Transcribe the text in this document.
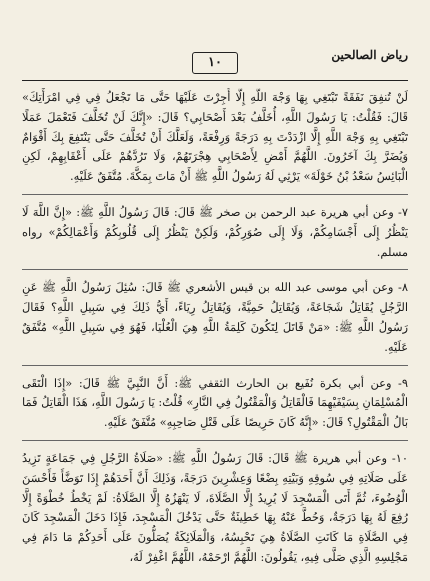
رياض الصالحين
١٠

لَنْ تُنفِقَ نَفَقَةً تَبْتَغِي بِهَا وَجْهَ اللَّهِ إِلَّا أُجِرْتَ عَلَيْهَا حَتَّى مَا تَجْعَلُ فِي فِي امْرَأَتِكَ» قَالَ: فَقُلْتُ: يَا رَسُولَ اللَّهِ، أُخَلَّفُ بَعْدَ أَصْحَابِي؟ قَالَ: «إِنَّكَ لَنْ تُخَلَّفَ فَتَعْمَلَ عَمَلًا تَبْتَغِي بِهِ وَجْهَ اللَّهِ إِلَّا ازْدَدْتَ بِهِ دَرَجَةً وَرِفْعَةً، وَلَعَلَّكَ أَنْ تُخَلَّفَ حَتَّى يَنْتَفِعَ بِكَ أَقْوَامٌ وَيُضَرَّ بِكَ آخَرُونَ. اللَّهُمَّ أَمْضِ لِأَصْحَابِي هِجْرَتَهُمْ، وَلَا تَرُدَّهُمْ عَلَى أَعْقَابِهِمْ، لَكِنِ الْبَائِسُ سَعْدُ بْنُ خَوْلَةَ» يَرْثِي لَهُ رَسُولُ اللَّهِ ﷺ أَنْ مَاتَ بِمَكَّةَ. مُتَّفَقٌ عَلَيْهِ.

٧- وعن أبي هريرة عبد الرحمن بن صخر ﷺ قَالَ: قَالَ رَسُولُ اللَّهِ ﷺ: «إِنَّ اللَّهَ لَا يَنْظُرُ إِلَى أَجْسَامِكُمْ، وَلَا إِلَى صُوَرِكُمْ، وَلَكِنْ يَنْظُرُ إِلَى قُلُوبِكُمْ وَأَعْمَالِكُمْ» رواه مسلم.

٨- وعن أبي موسى عبد الله بن قيس الأشعري ﷺ قَالَ: سُئِلَ رَسُولُ اللَّهِ ﷺ عَنِ الرَّجُلِ يُقَاتِلُ شَجَاعَةً، وَيُقَاتِلُ حَمِيَّةً، وَيُقَاتِلُ رِيَاءً، أَيُّ ذَلِكَ فِي سَبِيلِ اللَّهِ؟ فَقَالَ رَسُولُ اللَّهِ ﷺ: «مَنْ قَاتَلَ لِتَكُونَ كَلِمَةُ اللَّهِ هِيَ الْعُلْيَا، فَهُوَ فِي سَبِيلِ اللَّهِ» مُتَّفَقٌ عَلَيْهِ.

٩- وعن أبي بكرة نُفَيع بن الحارث الثقفي ﷺ: أَنَّ النَّبِيَّ ﷺ قَالَ: «إِذَا الْتَقَى الْمُسْلِمَانِ بِسَيْفَيْهِمَا فَالْقَاتِلُ وَالْمَقْتُولُ فِي النَّارِ» قُلْتُ: يَا رَسُولَ اللَّهِ، هَذَا الْقَاتِلُ فَمَا بَالُ الْمَقْتُولِ؟ قَالَ: «إِنَّهُ كَانَ حَرِيصًا عَلَى قَتْلِ صَاحِبِهِ» مُتَّفَقٌ عَلَيْهِ.

١٠- وعن أبي هريرة ﷺ قَالَ: قَالَ رَسُولُ اللَّهِ ﷺ: «صَلَاةُ الرَّجُلِ فِي جَمَاعَةٍ تَزِيدُ عَلَى صَلَاتِهِ فِي سُوقِهِ وَبَيْتِهِ بِضْعًا وَعِشْرِينَ دَرَجَةً، وَذَلِكَ أَنَّ أَحَدَهُمْ إِذَا تَوَضَّأَ فَأَحْسَنَ الْوُضُوءَ، ثُمَّ أَتَى الْمَسْجِدَ لَا يُرِيدُ إِلَّا الصَّلَاةَ، لَا يَنْهَزُهُ إِلَّا الصَّلَاةُ: لَمْ يَخْطُ خُطْوَةً إِلَّا رُفِعَ لَهُ بِهَا دَرَجَةٌ، وَحُطَّ عَنْهُ بِهَا خَطِيئَةٌ حَتَّى يَدْخُلَ الْمَسْجِدَ، فَإِذَا دَخَلَ الْمَسْجِدَ كَانَ فِي الصَّلَاةِ مَا كَانَتِ الصَّلَاةُ هِيَ تَحْبِسُهُ، وَالْمَلَائِكَةُ يُصَلُّونَ عَلَى أَحَدِكُمْ مَا دَامَ فِي مَجْلِسِهِ الَّذِي صَلَّى فِيهِ، يَقُولُونَ: اللَّهُمَّ ارْحَمْهُ، اللَّهُمَّ اغْفِرْ لَهُ،
